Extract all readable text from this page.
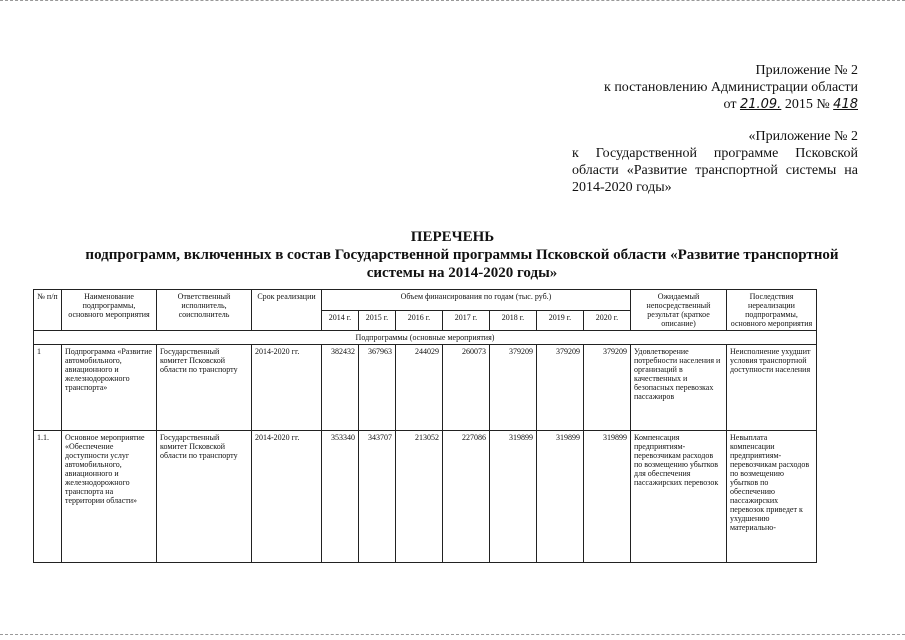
Приложение № 2
к постановлению Администрации области
от 21.09. 2015 № 418
«Приложение № 2
к Государственной программе Псковской области «Развитие транспортной системы на 2014-2020 годы»
ПЕРЕЧЕНЬ
подпрограмм, включенных в состав Государственной программы Псковской области «Развитие транспортной системы на 2014-2020 годы»
№ п/п	Наименование подпрограммы, основного мероприятия	Ответственный исполнитель, соисполнитель	Срок реализации	Объем финансирования по годам (тыс. руб.)							Ожидаемый непосредственный результат (краткое описание)	Последствия нереализации подпрограммы, основного мероприятия
				2014 г.	2015 г.	2016 г.	2017 г.	2018 г.	2019 г.	2020 г.		
Подпрограммы (основные мероприятия)												
1	Подпрограмма «Развитие автомобильного, авиационного и железнодорожного транспорта»	Государственный комитет Псковской области по транспорту	2014-2020 гг.	382432	367963	244029	260073	379209	379209	379209	Удовлетворение потребности населения и организаций в качественных и безопасных перевозках пассажиров	Неисполнение ухудшит условия транспортной доступности населения
1.1.	Основное мероприятие «Обеспечение доступности услуг автомобильного, авиационного и железнодорожного транспорта на территории области»	Государственный комитет Псковской области по транспорту	2014-2020 гг.	353340	343707	213052	227086	319899	319899	319899	Компенсация предприятиям-перевозчикам расходов по возмещению убытков для обеспечения пассажирских перевозок	Невыплата компенсации предприятиям-перевозчикам расходов по возмещению убытков по обеспечению пассажирских перевозок приведет к ухудшению материально-
